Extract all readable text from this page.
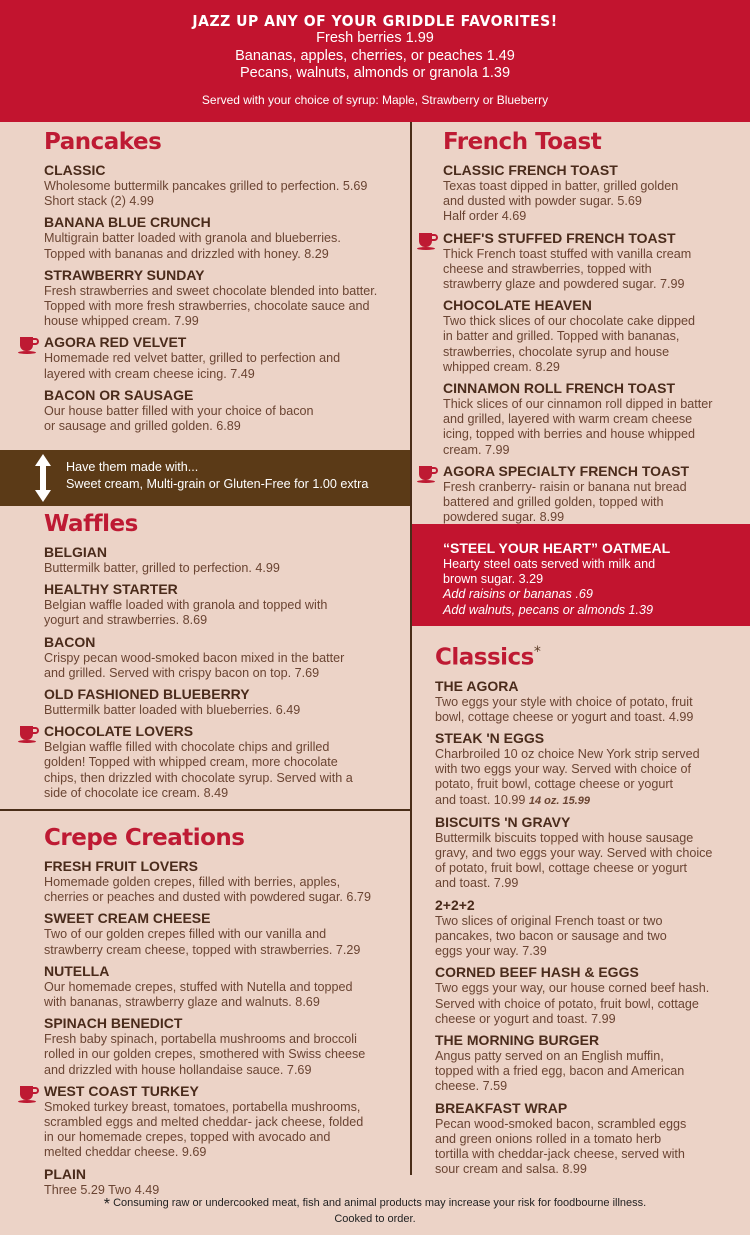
JAZZ UP ANY OF YOUR GRIDDLE FAVORITES!
Fresh berries 1.99
Bananas, apples, cherries, or peaches 1.49
Pecans, walnuts, almonds or granola 1.39
Served with your choice of syrup: Maple, Strawberry or Blueberry
Pancakes
CLASSIC
Wholesome buttermilk pancakes grilled to perfection. 5.69
Short stack (2) 4.99
BANANA BLUE CRUNCH
Multigrain batter loaded with granola and blueberries.
Topped with bananas and drizzled with honey. 8.29
STRAWBERRY SUNDAY
Fresh strawberries and sweet chocolate blended into batter.
Topped with more fresh strawberries, chocolate sauce and
house whipped cream. 7.99
AGORA RED VELVET
Homemade red velvet batter, grilled to perfection and
layered with cream cheese icing. 7.49
BACON OR SAUSAGE
Our house batter filled with your choice of bacon
or sausage and grilled golden. 6.89
Have them made with...
Sweet cream, Multi-grain or Gluten-Free for 1.00 extra
Waffles
BELGIAN
Buttermilk batter, grilled to perfection. 4.99
HEALTHY STARTER
Belgian waffle loaded with granola and topped with
yogurt and strawberries. 8.69
BACON
Crispy pecan wood-smoked bacon mixed in the batter
and grilled. Served with crispy bacon on top. 7.69
OLD FASHIONED BLUEBERRY
Buttermilk batter loaded with blueberries. 6.49
CHOCOLATE LOVERS
Belgian waffle filled with chocolate chips and grilled
golden! Topped with whipped cream, more chocolate
chips, then drizzled with chocolate syrup. Served with a
side of chocolate ice cream. 8.49
Crepe Creations
FRESH FRUIT LOVERS
Homemade golden crepes, filled with berries, apples,
cherries or peaches and dusted with powdered sugar. 6.79
SWEET CREAM CHEESE
Two of our golden crepes filled with our vanilla and
strawberry cream cheese, topped with strawberries. 7.29
NUTELLA
Our homemade crepes, stuffed with Nutella and topped
with bananas, strawberry glaze and walnuts. 8.69
SPINACH BENEDICT
Fresh baby spinach, portabella mushrooms and broccoli
rolled in our golden crepes, smothered with Swiss cheese
and drizzled with house hollandaise sauce. 7.69
WEST COAST TURKEY
Smoked turkey breast, tomatoes, portabella mushrooms,
scrambled eggs and melted cheddar- jack cheese, folded
in our homemade crepes, topped with avocado and
melted cheddar cheese. 9.69
PLAIN
Three 5.29 Two 4.49
French Toast
CLASSIC FRENCH TOAST
Texas toast dipped in batter, grilled golden
and dusted with powder sugar. 5.69
Half order 4.69
CHEF'S STUFFED FRENCH TOAST
Thick French toast stuffed with vanilla cream
cheese and strawberries, topped with
strawberry glaze and powdered sugar. 7.99
CHOCOLATE HEAVEN
Two thick slices of our chocolate cake dipped
in batter and grilled. Topped with bananas,
strawberries, chocolate syrup and house
whipped cream. 8.29
CINNAMON ROLL FRENCH TOAST
Thick slices of our cinnamon roll dipped in batter
and grilled, layered with warm cream cheese
icing, topped with berries and house whipped
cream. 7.99
AGORA SPECIALTY FRENCH TOAST
Fresh cranberry- raisin or banana nut bread
battered and grilled golden, topped with
powdered sugar. 8.99
“STEEL YOUR HEART” OATMEAL
Hearty steel oats served with milk and
brown sugar. 3.29
Add raisins or bananas .69
Add walnuts, pecans or almonds 1.39
Classics*
THE AGORA
Two eggs your style with choice of potato, fruit
bowl, cottage cheese or yogurt and toast. 4.99
STEAK 'N EGGS
Charbroiled 10 oz choice New York strip served
with two eggs your way. Served with choice of
potato, fruit bowl, cottage cheese or yogurt
and toast. 10.99 14 oz. 15.99
BISCUITS 'N GRAVY
Buttermilk biscuits topped with house sausage
gravy, and two eggs your way. Served with choice
of potato, fruit bowl, cottage cheese or yogurt
and toast. 7.99
2+2+2
Two slices of original French toast or two
pancakes, two bacon or sausage and two
eggs your way. 7.39
CORNED BEEF HASH & EGGS
Two eggs your way, our house corned beef hash.
Served with choice of potato, fruit bowl, cottage
cheese or yogurt and toast. 7.99
THE MORNING BURGER
Angus patty served on an English muffin,
topped with a fried egg, bacon and American
cheese. 7.59
BREAKFAST WRAP
Pecan wood-smoked bacon, scrambled eggs
and green onions rolled in a tomato herb
tortilla with cheddar-jack cheese, served with
sour cream and salsa. 8.99
* Consuming raw or undercooked meat, fish and animal products may increase your risk for foodbourne illness.
Cooked to order.
